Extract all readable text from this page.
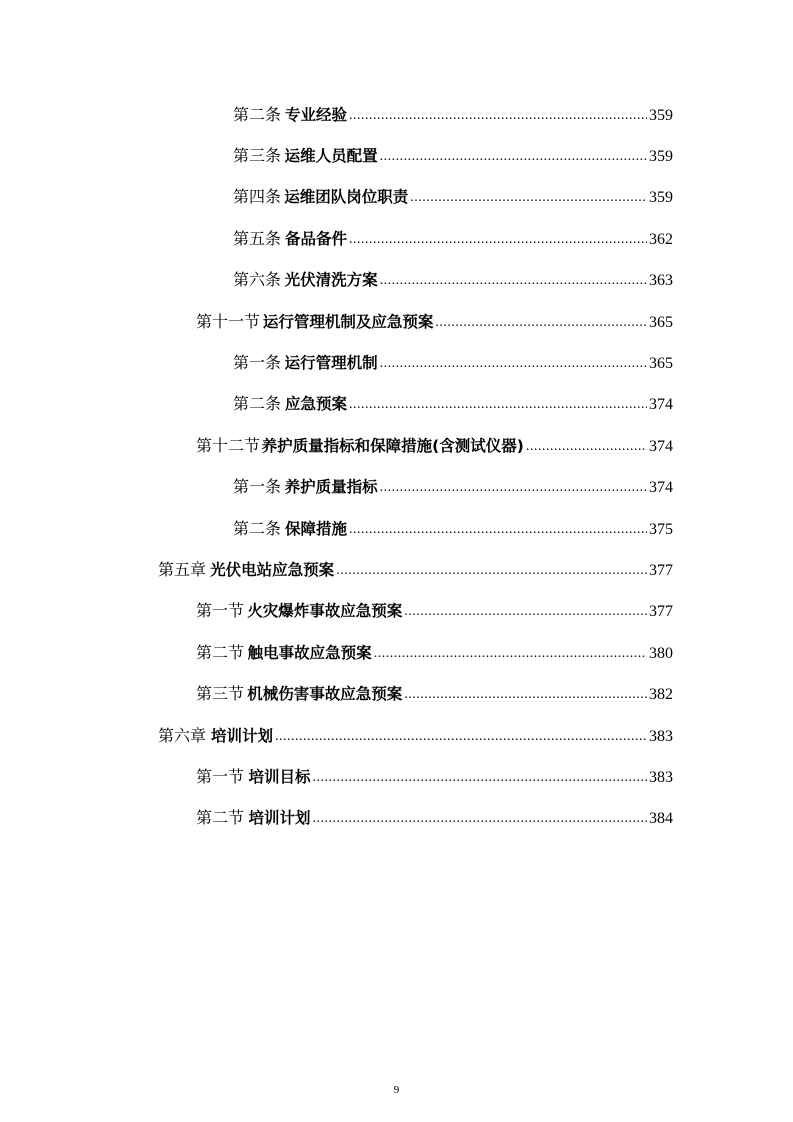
第二条 专业经验 .....	359
第三条 运维人员配置 .....	359
第四条 运维团队岗位职责 .....	359
第五条 备品备件 .....	362
第六条 光伏清洗方案 .....	363
第十一节 运行管理机制及应急预案 .....	365
第一条 运行管理机制 .....	365
第二条 应急预案 .....	374
第十二节 养护质量指标和保障措施(含测试仪器) .....	374
第一条 养护质量指标 .....	374
第二条 保障措施 .....	375
第五章 光伏电站应急预案 .....	377
第一节 火灾爆炸事故应急预案 .....	377
第二节 触电事故应急预案 .....	380
第三节 机械伤害事故应急预案 .....	382
第六章 培训计划 .....	383
第一节 培训目标 .....	383
第二节 培训计划 .....	384
9
